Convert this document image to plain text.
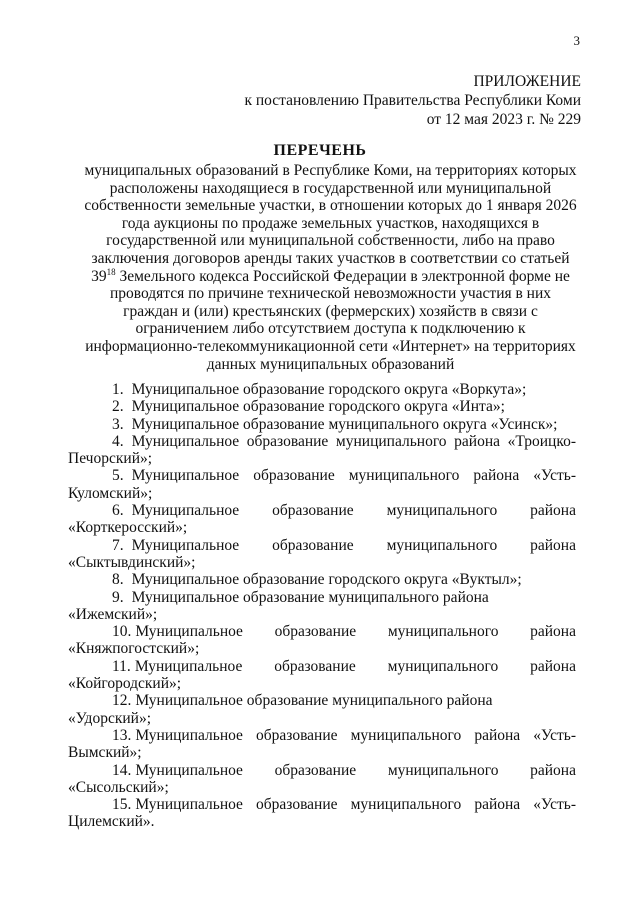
3
ПРИЛОЖЕНИЕ
к постановлению Правительства Республики Коми
от 12 мая 2023 г. № 229
ПЕРЕЧЕНЬ
муниципальных образований в Республике Коми, на территориях которых расположены находящиеся в государственной или муниципальной собственности земельные участки, в отношении которых до 1 января 2026 года аукционы по продаже земельных участков, находящихся в государственной или муниципальной собственности, либо на право заключения договоров аренды таких участков в соответствии со статьей $39^{18}$ Земельного кодекса Российской Федерации в электронной форме не проводятся по причине технической невозможности участия в них граждан и (или) крестьянских (фермерских) хозяйств в связи с ограничением либо отсутствием доступа к подключению к информационно-телекоммуникационной сети «Интернет» на территориях данных муниципальных образований
1. Муниципальное образование городского округа «Воркута»;
2. Муниципальное образование городского округа «Инта»;
3. Муниципальное образование муниципального округа «Усинск»;
4. Муниципальное образование муниципального района «Троицко-Печорский»;
5. Муниципальное образование муниципального района «Усть-Куломский»;
6. Муниципальное образование муниципального района «Корткеросский»;
7. Муниципальное образование муниципального района «Сыктывдинский»;
8. Муниципальное образование городского округа «Вуктыл»;
9. Муниципальное образование муниципального района «Ижемский»;
10. Муниципальное образование муниципального района «Княжпогостский»;
11. Муниципальное образование муниципального района «Койгородский»;
12. Муниципальное образование муниципального района «Удорский»;
13. Муниципальное образование муниципального района «Усть-Вымский»;
14. Муниципальное образование муниципального района «Сысольский»;
15. Муниципальное образование муниципального района «Усть-Цилемский».
